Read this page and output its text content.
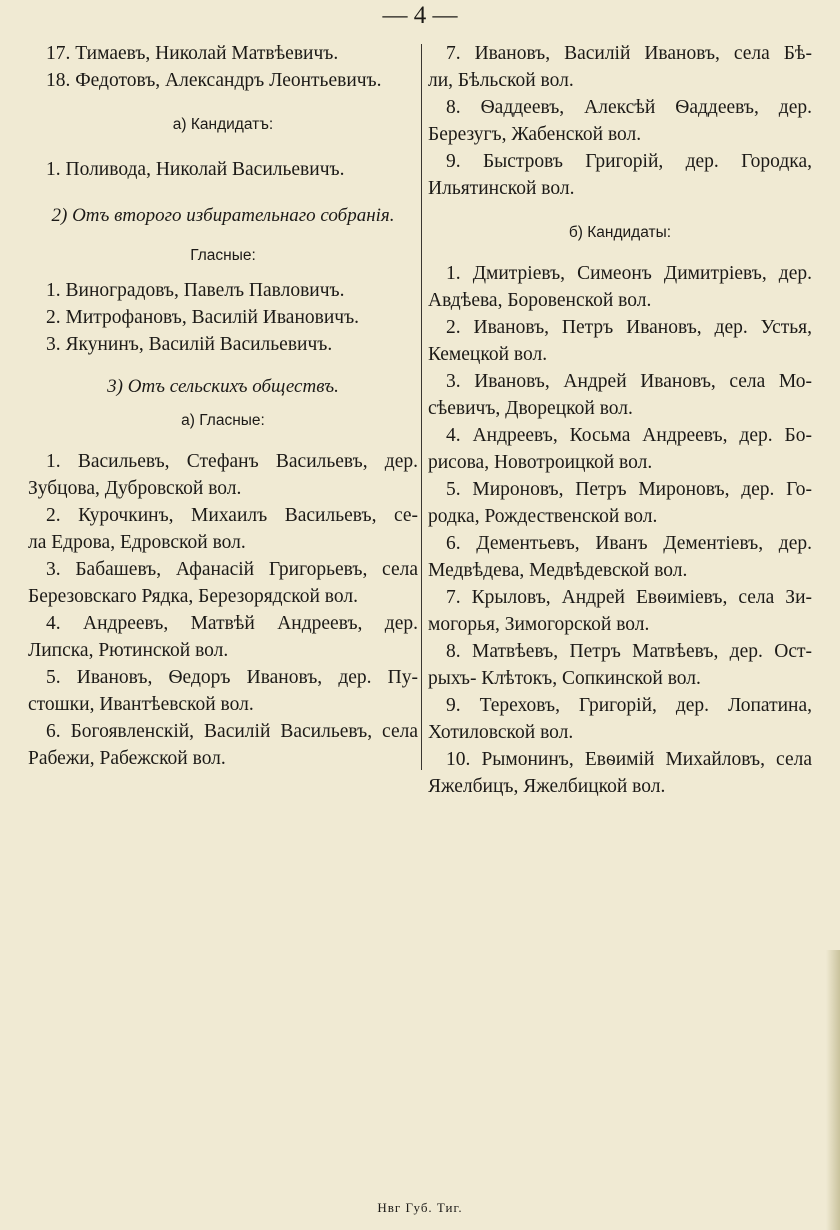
— 4 —

17. Тимаевъ, Николай Матвѣевичъ.

18. Федотовъ, Александръ Леонтьевичъ.

а) Кандидатъ:

1. Поливода, Николай Васильевичъ.

2) Отъ второго избирательнаго собранія.

Гласные:

1. Виноградовъ, Павелъ Павловичъ.

2. Митрофановъ, Василій Ивановичъ.

3. Якунинъ, Василій Васильевичъ.

3) Отъ сельскихъ обществъ.

а) Гласные:

1. Васильевъ, Стефанъ Васильевъ, дер.
Зубцова, Дубровской вол.

2. Курочкинъ, Михаилъ Васильевъ, се-
ла Едрова, Едровской вол.

3. Бабашевъ, Афанасій Григорьевъ, села
Березовскаго Рядка, Березорядской вол.

4. Андреевъ, Матвѣй Андреевъ, дер.
Липска, Рютинской вол.

5. Ивановъ, Ѳедоръ Ивановъ, дер. Пу-
стошки, Ивантѣевской вол.

6. Богоявленскій, Василій Васильевъ, села
Рабежи, Рабежской вол.

7. Ивановъ, Василій Ивановъ, села Бѣ-
ли, Бѣльской вол.

8. Ѳаддеевъ, Алексѣй Ѳаддеевъ, дер.
Березугъ, Жабенской вол.

9. Быстровъ Григорій, дер. Городка,
Ильятинской вол.

б) Кандидаты:

1. Дмитріевъ, Симеонъ Димитріевъ, дер.
Авдѣева, Боровенской вол.

2. Ивановъ, Петръ Ивановъ, дер. Устья,
Кемецкой вол.

3. Ивановъ, Андрей Ивановъ, села Мо-
сѣевичъ, Дворецкой вол.

4. Андреевъ, Косьма Андреевъ, дер. Бо-
рисова, Новотроицкой вол.

5. Мироновъ, Петръ Мироновъ, дер. Го-
родка, Рождественской вол.

6. Дементьевъ, Иванъ Дементіевъ, дер.
Медвѣдева, Медвѣдевской вол.

7. Крыловъ, Андрей Евѳиміевъ, села Зи-
могорья, Зимогорской вол.

8. Матвѣевъ, Петръ Матвѣевъ, дер. Ост-
рыхъ- Клѣтокъ, Сопкинской вол.

9. Тереховъ, Григорій, дер. Лопатина,
Хотиловской вол.

10. Рымонинъ, Евѳимій Михайловъ, села
Яжелбицъ, Яжелбицкой вол.

Нвг Губ. Тиг.
